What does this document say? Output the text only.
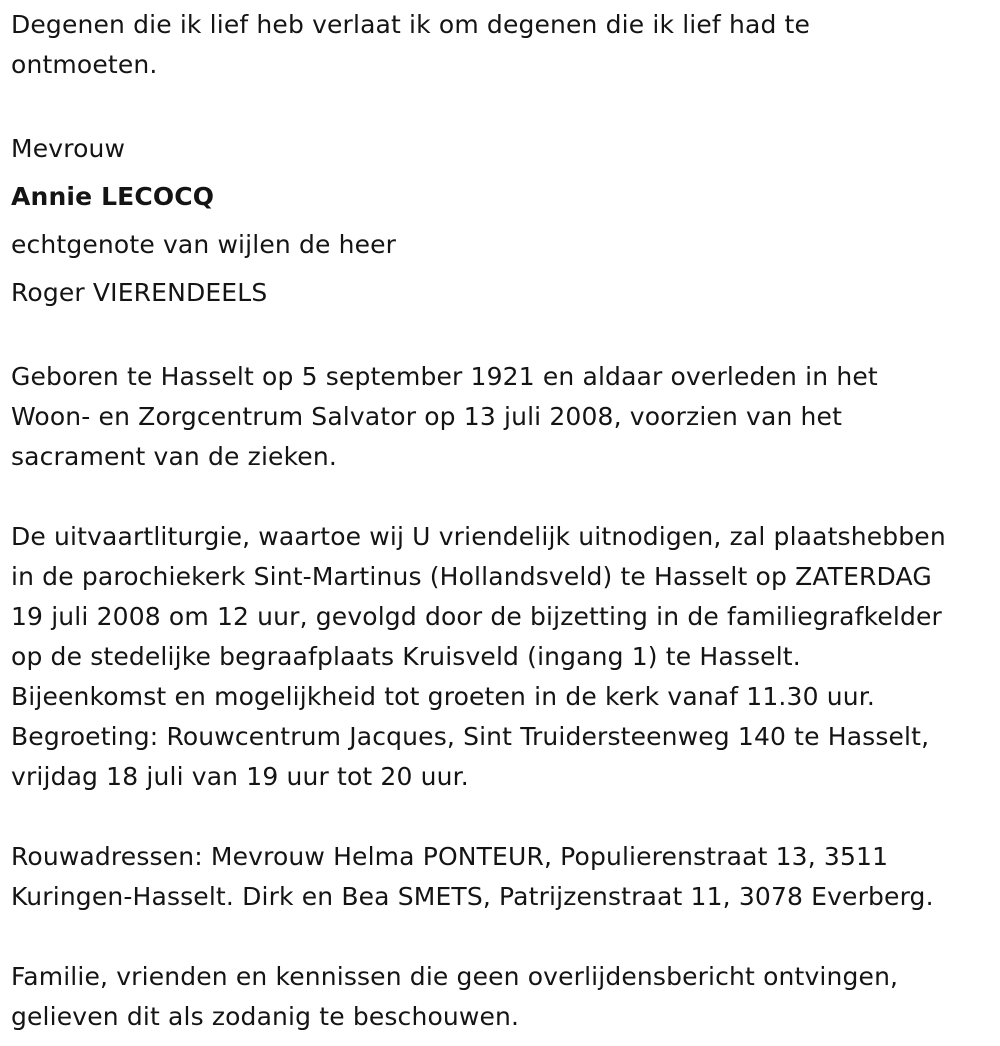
Degenen die ik lief heb verlaat ik om degenen die ik lief had te
ontmoeten.
Mevrouw
Annie LECOCQ
echtgenote van wijlen de heer
Roger VIERENDEELS
Geboren te Hasselt op 5 september 1921 en aldaar overleden in het
Woon- en Zorgcentrum Salvator op 13 juli 2008, voorzien van het
sacrament van de zieken.
De uitvaartliturgie, waartoe wij U vriendelijk uitnodigen, zal plaatshebben
in de parochiekerk Sint-Martinus (Hollandsveld) te Hasselt op ZATERDAG
19 juli 2008 om 12 uur, gevolgd door de bijzetting in de familiegrafkelder
op de stedelijke begraafplaats Kruisveld (ingang 1) te Hasselt.
Bijeenkomst en mogelijkheid tot groeten in de kerk vanaf 11.30 uur.
Begroeting: Rouwcentrum Jacques, Sint Truidersteenweg 140 te Hasselt,
vrijdag 18 juli van 19 uur tot 20 uur.
Rouwadressen: Mevrouw Helma PONTEUR, Populierenstraat 13, 3511
Kuringen-Hasselt. Dirk en Bea SMETS, Patrijzenstraat 11, 3078 Everberg.
Familie, vrienden en kennissen die geen overlijdensbericht ontvingen,
gelieven dit als zodanig te beschouwen.
